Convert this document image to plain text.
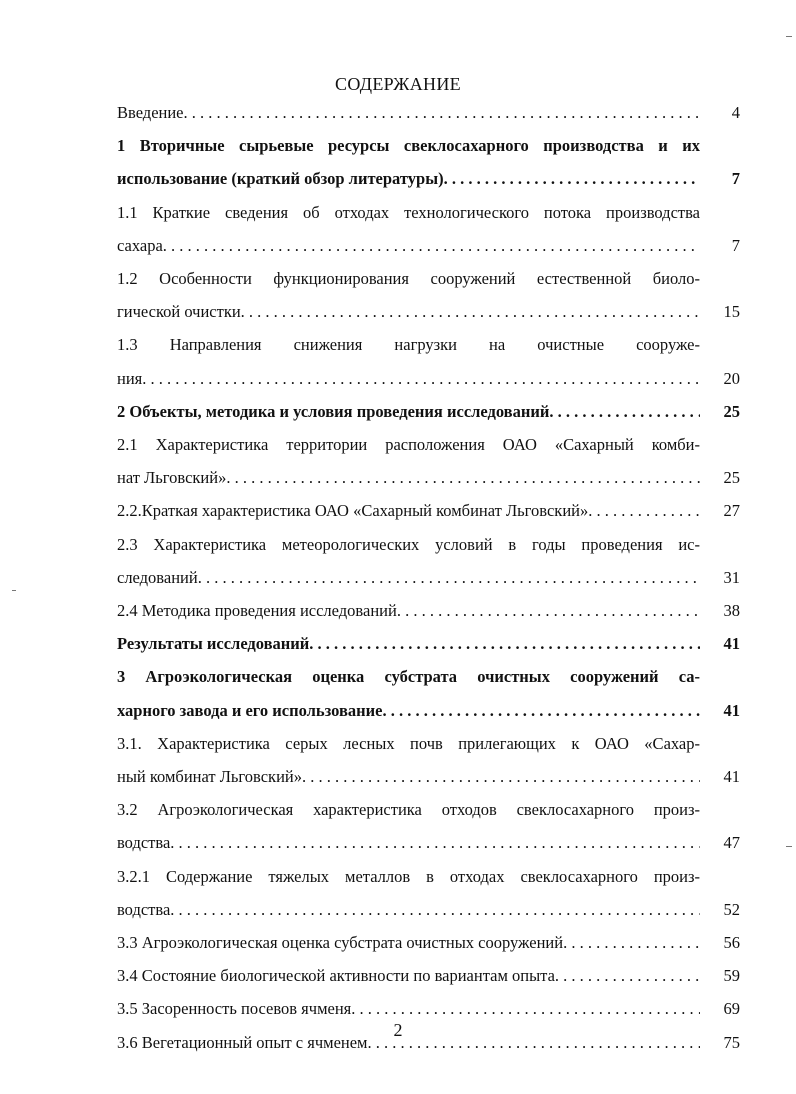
СОДЕРЖАНИЕ
Введение . . .	4
1 Вторичные сырьевые ресурсы свеклосахарного производства и их
использование (краткий обзор литературы) . . .	7
1.1 Краткие сведения об отходах технологического потока производства
сахара . . .	7
1.2 Особенности функционирования сооружений естественной биоло-
гической очистки . . .	15
1.3 Направления снижения нагрузки на очистные сооруже-
ния . . .	20
2 Объекты, методика и условия проведения исследований . . .	25
2.1 Характеристика территории расположения ОАО «Сахарный комби-
нат Льговский» . . .	25
2.2.Краткая характеристика ОАО «Сахарный комбинат Льговский» . . .	27
2.3 Характеристика метеорологических условий в годы проведения ис-
следований . . .	31
2.4 Методика проведения исследований . . .	38
Результаты исследований . . .	41
3 Агроэкологическая оценка субстрата очистных сооружений са-
харного завода и его использование . . .	41
3.1. Характеристика серых лесных почв прилегающих к ОАО «Сахар-
ный комбинат Льговский» . . .	41
3.2 Агроэкологическая характеристика отходов свеклосахарного произ-
водства . . .	47
3.2.1 Содержание тяжелых металлов в отходах свеклосахарного произ-
водства . . .	52
3.3 Агроэкологическая оценка субстрата очистных сооружений . . .	56
3.4 Состояние биологической активности по вариантам опыта . . .	59
3.5 Засоренность посевов ячменя . . .	69
3.6 Вегетационный опыт с ячменем . . .	75
2
